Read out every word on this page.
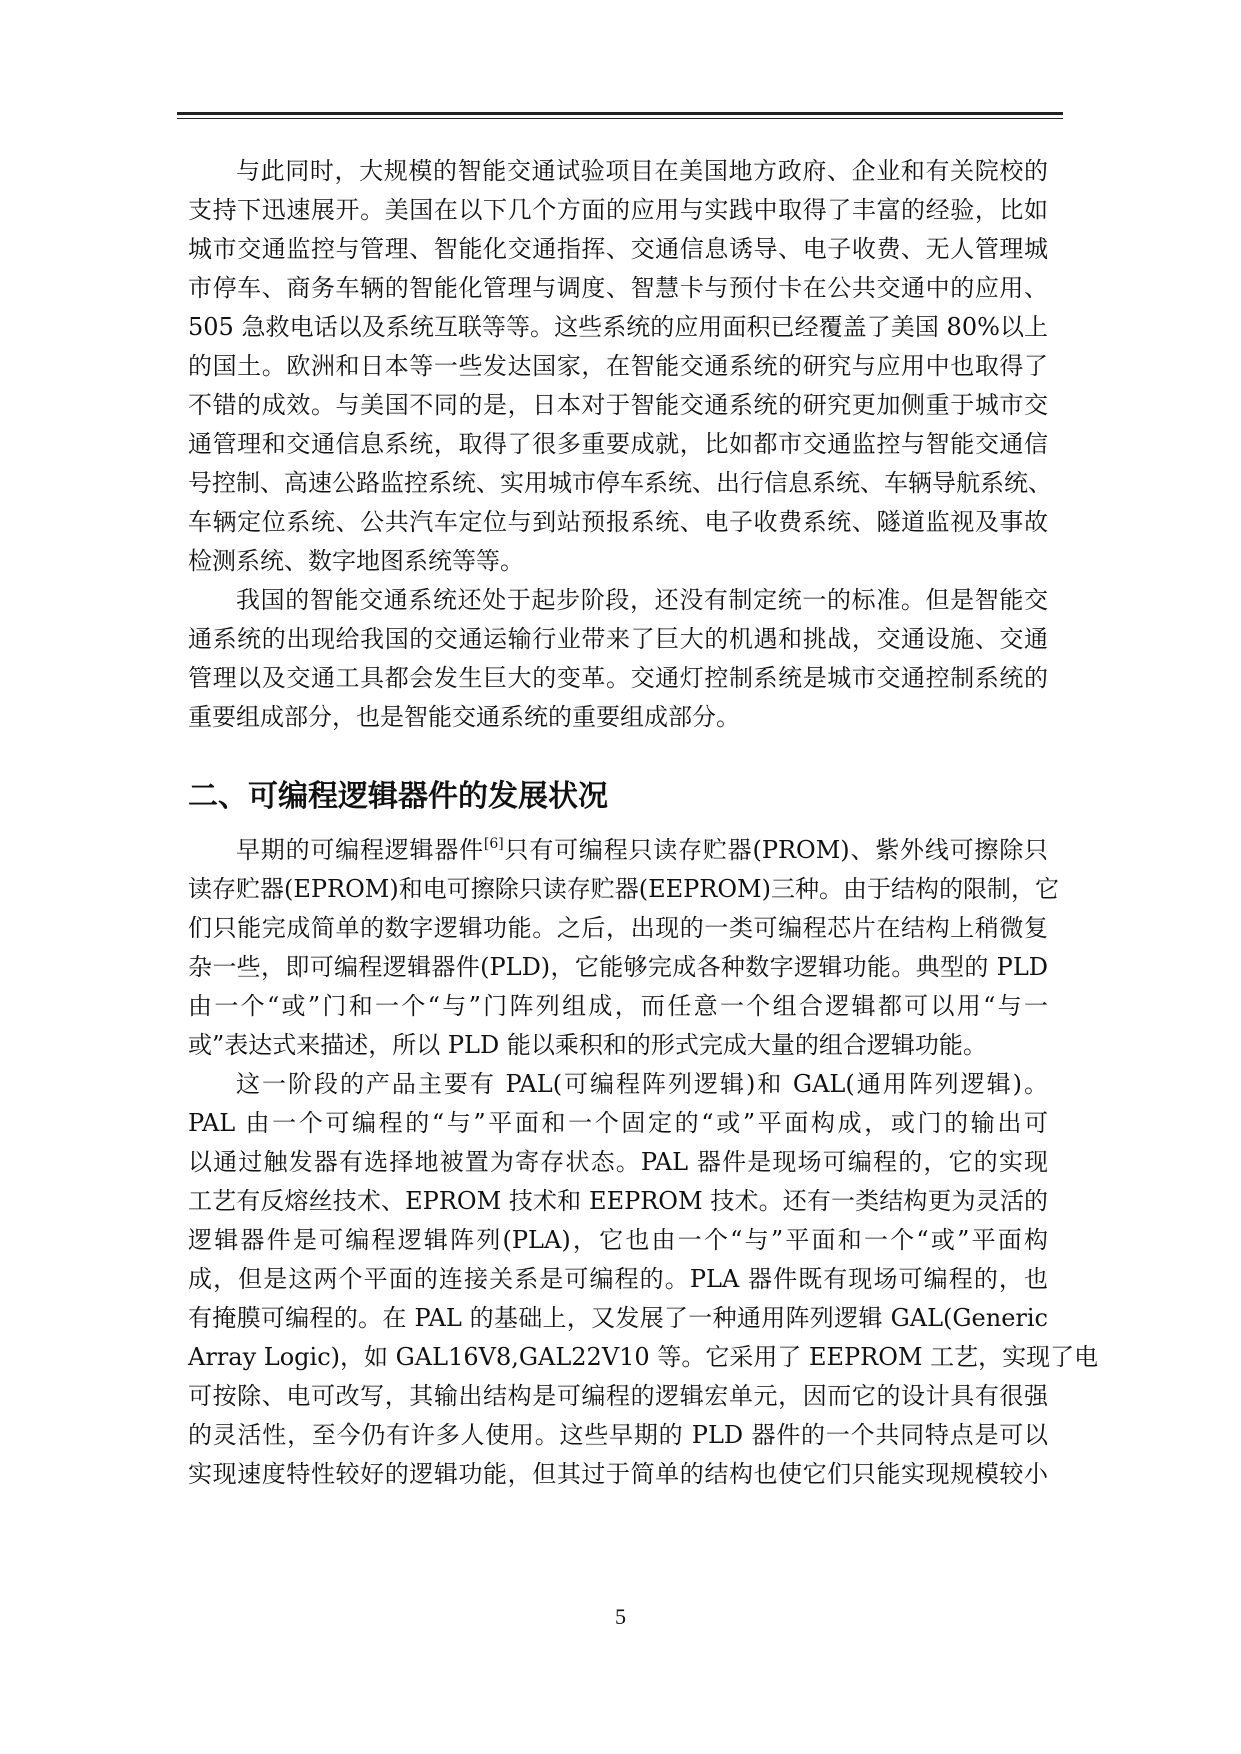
与此同时，大规模的智能交通试验项目在美国地方政府、企业和有关院校的
支持下迅速展开。美国在以下几个方面的应用与实践中取得了丰富的经验，比如
城市交通监控与管理、智能化交通指挥、交通信息诱导、电子收费、无人管理城
市停车、商务车辆的智能化管理与调度、智慧卡与预付卡在公共交通中的应用、
505 急救电话以及系统互联等等。这些系统的应用面积已经覆盖了美国 80%以上
的国土。欧洲和日本等一些发达国家，在智能交通系统的研究与应用中也取得了
不错的成效。与美国不同的是，日本对于智能交通系统的研究更加侧重于城市交
通管理和交通信息系统，取得了很多重要成就，比如都市交通监控与智能交通信
号控制、高速公路监控系统、实用城市停车系统、出行信息系统、车辆导航系统、
车辆定位系统、公共汽车定位与到站预报系统、电子收费系统、隧道监视及事故
检测系统、数字地图系统等等。
我国的智能交通系统还处于起步阶段，还没有制定统一的标准。但是智能交
通系统的出现给我国的交通运输行业带来了巨大的机遇和挑战，交通设施、交通
管理以及交通工具都会发生巨大的变革。交通灯控制系统是城市交通控制系统的
重要组成部分，也是智能交通系统的重要组成部分。
二、可编程逻辑器件的发展状况
早期的可编程逻辑器件[6]只有可编程只读存贮器(PROM)、紫外线可擦除只
读存贮器(EPROM)和电可擦除只读存贮器(EEPROM)三种。由于结构的限制，它
们只能完成简单的数字逻辑功能。之后，出现的一类可编程芯片在结构上稍微复
杂一些，即可编程逻辑器件(PLD)，它能够完成各种数字逻辑功能。典型的 PLD
由一个“或”门和一个“与”门阵列组成，而任意一个组合逻辑都可以用“与一
或”表达式来描述，所以 PLD 能以乘积和的形式完成大量的组合逻辑功能。
这一阶段的产品主要有 PAL(可编程阵列逻辑)和 GAL(通用阵列逻辑)。
PAL 由一个可编程的“与”平面和一个固定的“或”平面构成，或门的输出可
以通过触发器有选择地被置为寄存状态。PAL 器件是现场可编程的，它的实现
工艺有反熔丝技术、EPROM 技术和 EEPROM 技术。还有一类结构更为灵活的
逻辑器件是可编程逻辑阵列(PLA)，它也由一个“与”平面和一个“或”平面构
成，但是这两个平面的连接关系是可编程的。PLA 器件既有现场可编程的，也
有掩膜可编程的。在 PAL 的基础上，又发展了一种通用阵列逻辑 GAL(Generic
Array Logic)，如 GAL16V8,GAL22V10 等。它采用了 EEPROM 工艺，实现了电
可按除、电可改写，其输出结构是可编程的逻辑宏单元，因而它的设计具有很强
的灵活性，至今仍有许多人使用。这些早期的 PLD 器件的一个共同特点是可以
实现速度特性较好的逻辑功能，但其过于简单的结构也使它们只能实现规模较小
5
